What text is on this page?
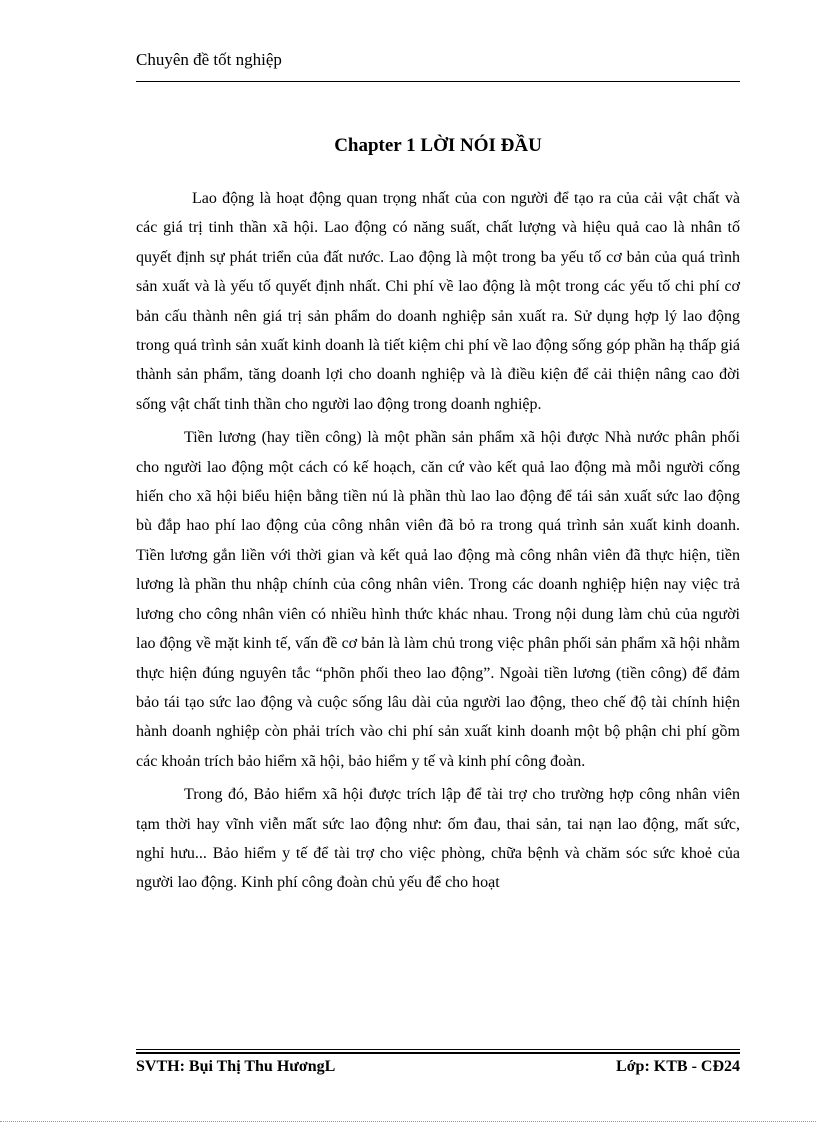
Chuyên đề tốt nghiệp
Chapter 1 LỜI NÓI ĐẦU

Lao động là hoạt động quan trọng nhất của con người để tạo ra của cải vật chất và các giá trị tinh thần xã hội. Lao động có năng suất, chất lượng và hiệu quả cao là nhân tố quyết định sự phát triển của đất nước. Lao động là một trong ba yếu tố cơ bản của quá trình sản xuất và là yếu tố quyết định nhất. Chi phí về lao động là một trong các yếu tố chi phí cơ bản cấu thành nên giá trị sản phẩm do doanh nghiệp sản xuất ra. Sử dụng hợp lý lao động trong quá trình sản xuất kinh doanh là tiết kiệm chi phí về lao động sống góp phần hạ thấp giá thành sản phẩm, tăng doanh lợi cho doanh nghiệp và là điều kiện để cải thiện nâng cao đời sống vật chất tinh thần cho người lao động trong doanh nghiệp.

Tiền lương (hay tiền công) là một phần sản phẩm xã hội được Nhà nước phân phối cho người lao động một cách có kế hoạch, căn cứ vào kết quả lao động mà mỗi người cống hiến cho xã hội biểu hiện bằng tiền nú là phần thù lao lao động để tái sản xuất sức lao động bù đắp hao phí lao động của công nhân viên đã bỏ ra trong quá trình sản xuất kinh doanh. Tiền lương gắn liền với thời gian và kết quả lao động mà công nhân viên đã thực hiện, tiền lương là phần thu nhập chính của công nhân viên. Trong các doanh nghiệp hiện nay việc trả lương cho công nhân viên có nhiều hình thức khác nhau. Trong nội dung làm chủ của người lao động về mặt kinh tế, vấn đề cơ bản là làm chủ trong việc phân phối sản phẩm xã hội nhằm thực hiện đúng nguyên tắc “phõn phối theo lao động”. Ngoài tiền lương (tiền công) để đảm bảo tái tạo sức lao động và cuộc sống lâu dài của người lao động, theo chế độ tài chính hiện hành doanh nghiệp còn phải trích vào chi phí sản xuất kinh doanh một bộ phận chi phí gồm các khoản trích bảo hiểm xã hội, bảo hiểm y tế và kinh phí công đoàn.

Trong đó, Bảo hiểm xã hội được trích lập để tài trợ cho trường hợp công nhân viên tạm thời hay vĩnh viễn mất sức lao động như: ốm đau, thai sản, tai nạn lao động, mất sức, nghỉ hưu... Bảo hiểm y tế để tài trợ cho việc phòng, chữa bệnh và chăm sóc sức khoẻ của người lao động. Kinh phí công đoàn chủ yếu để cho hoạt

SVTH: Bụi Thị Thu HươngL	Lớp: KTB - CĐ24
